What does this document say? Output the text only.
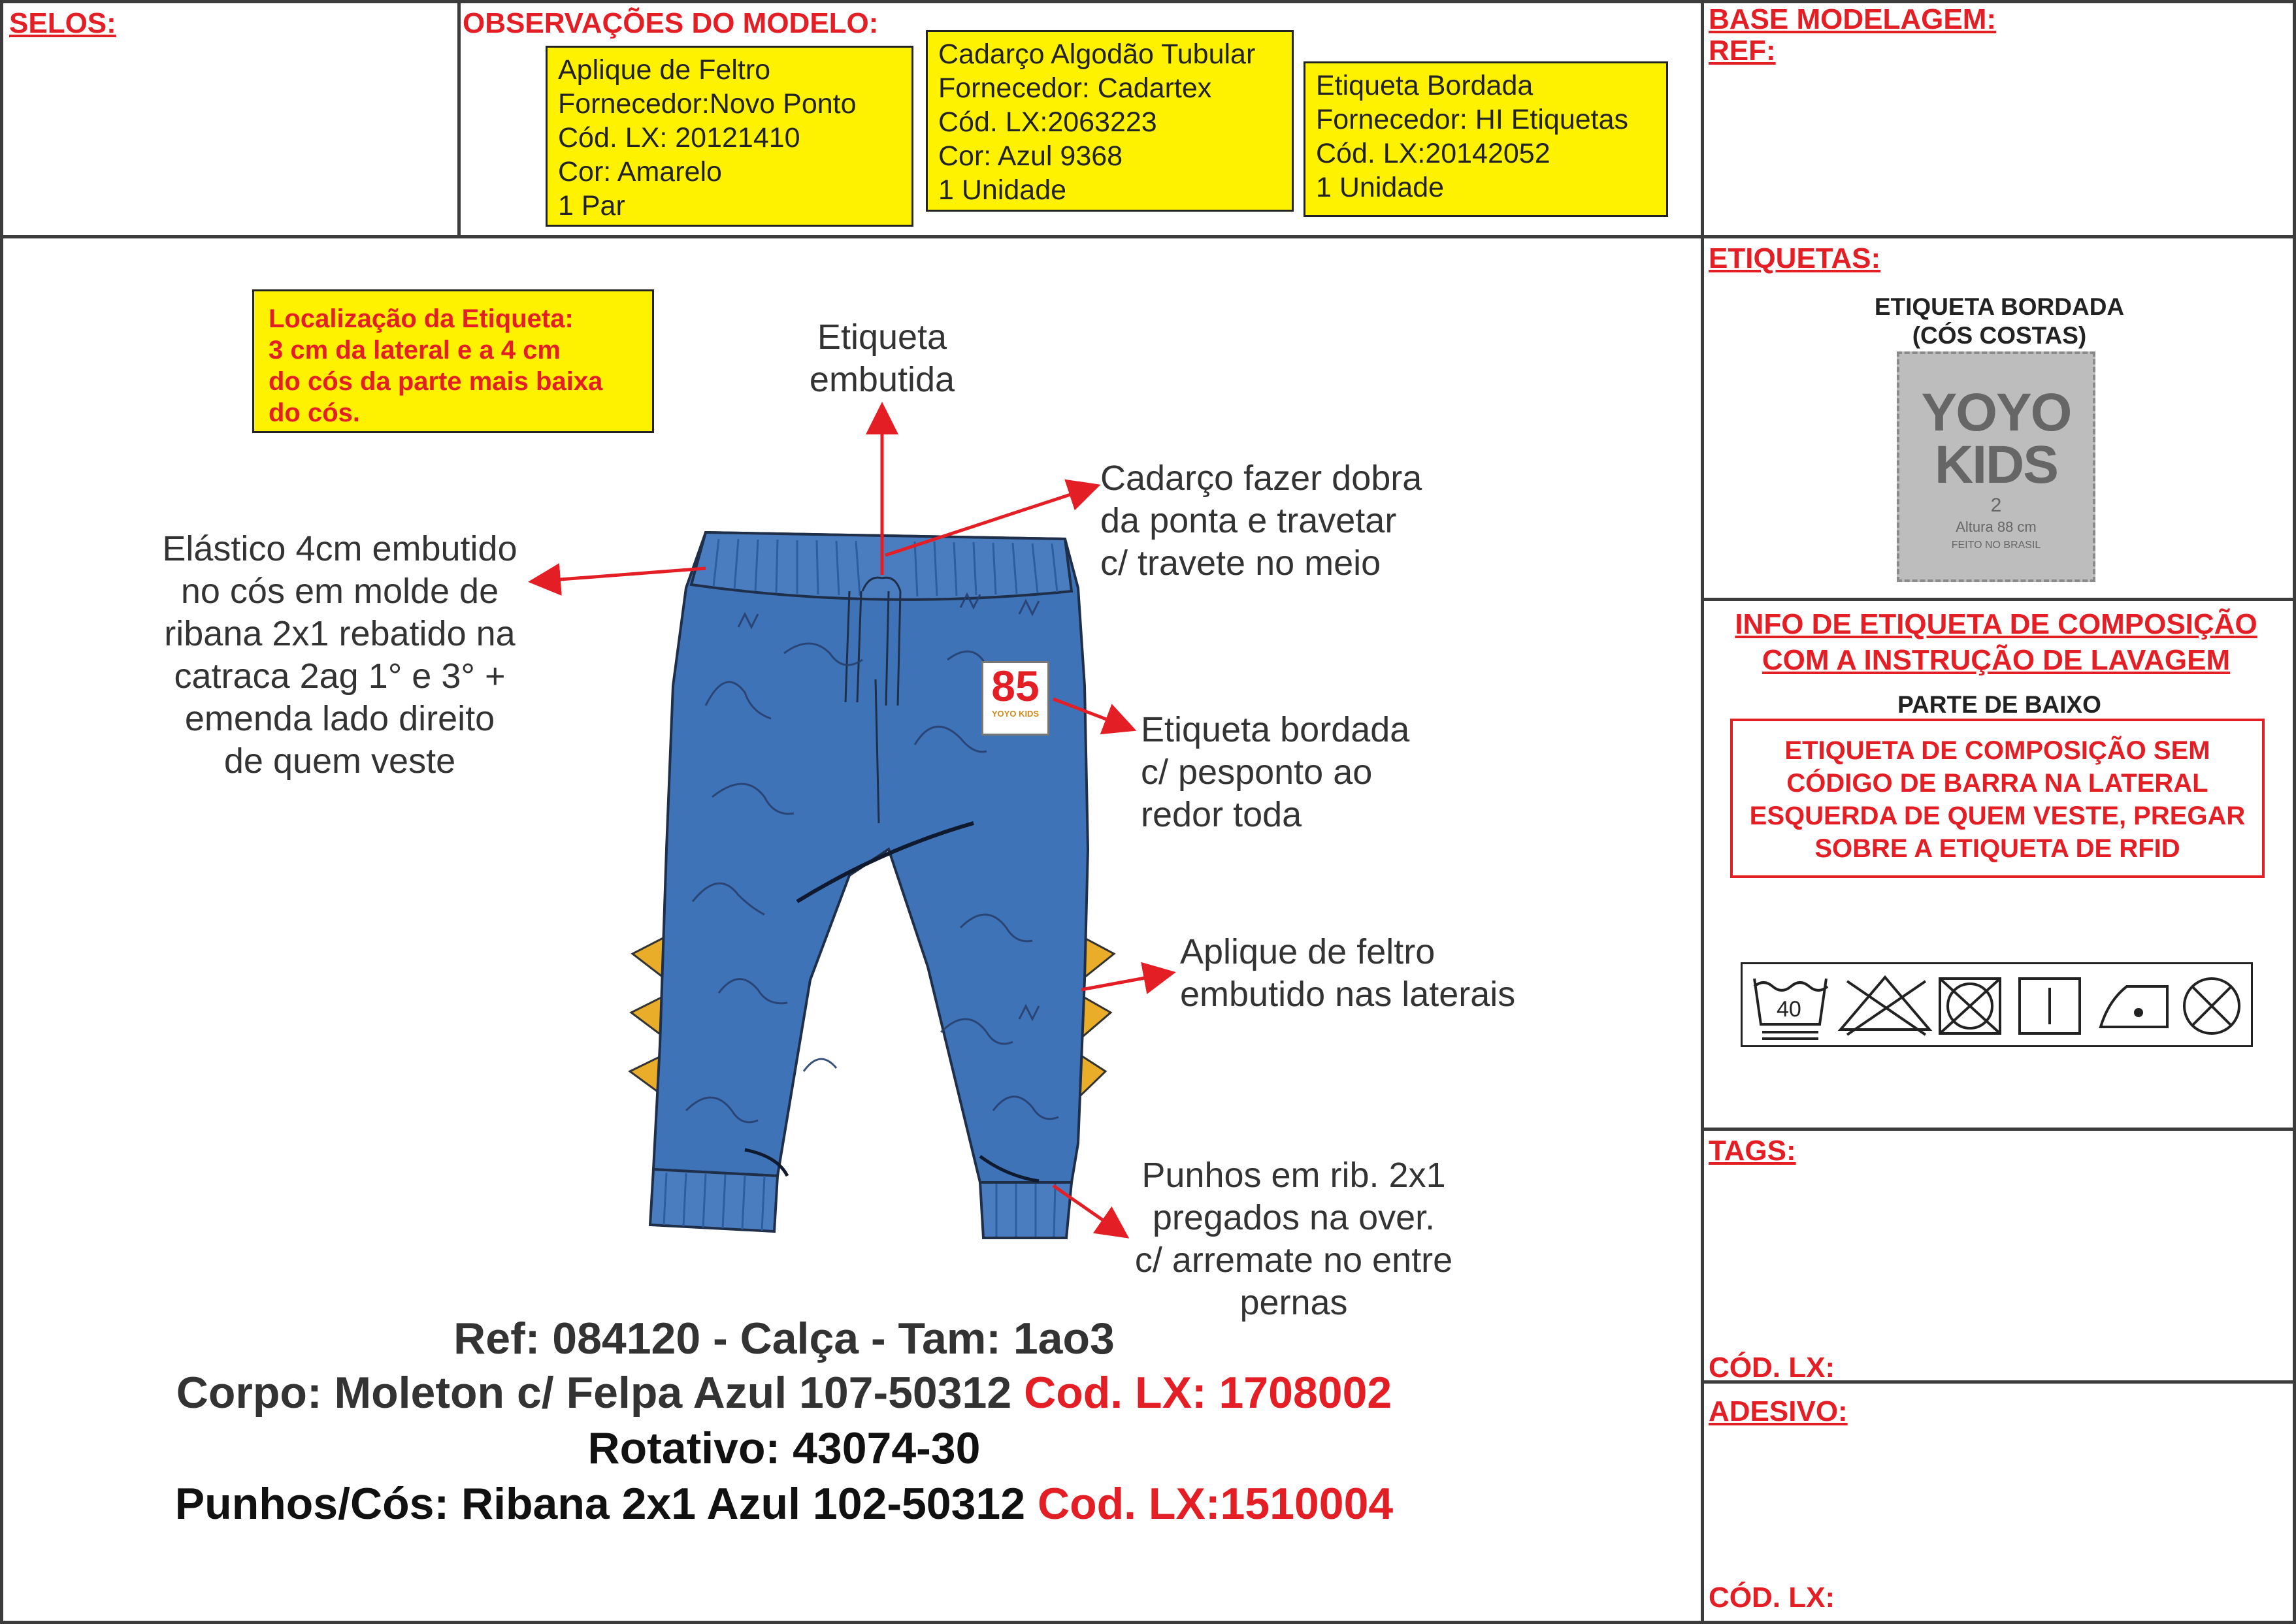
SELOS:	OBSERVAÇÕES DO MODELO:	BASE MODELAGEM:
REF:
ETIQUETAS:
INFO DE ETIQUETA DE COMPOSIÇÃO
COM A INSTRUÇÃO DE LAVAGEM
TAGS:
CÓD. LX:
ADESIVO:
CÓD. LX:
Aplique de Feltro
Fornecedor:Novo Ponto
Cód. LX: 20121410
Cor: Amarelo
1 Par
Cadarço Algodão Tubular
Fornecedor: Cadartex
Cód. LX:2063223
Cor: Azul 9368
1 Unidade
Etiqueta Bordada
Fornecedor: HI Etiquetas
Cód. LX:20142052
1 Unidade
Localização da Etiqueta:
3 cm da lateral e a 4 cm
do cós da parte mais baixa
do cós.
Etiqueta
embutida
Cadarço fazer dobra
da ponta e travetar
c/ travete no meio
Elástico 4cm embutido
no cós em molde de
ribana 2x1 rebatido na
catraca 2ag 1° e 3° +
emenda lado direito
de quem veste
Etiqueta bordada
c/ pesponto ao
redor toda
Aplique de feltro
embutido nas laterais
Punhos em rib. 2x1
pregados na over.
c/ arremate no entre
pernas
85
YOYO KIDS
Ref: 084120 - Calça - Tam: 1ao3
Corpo: Moleton c/ Felpa Azul 107-50312 Cod. LX: 1708002
Rotativo: 43074-30
Punhos/Cós: Ribana 2x1 Azul 102-50312 Cod. LX:1510004
ETIQUETA BORDADA
(CÓS COSTAS)
YOYO
KIDS
2
Altura 88 cm
FEITO NO BRASIL
PARTE DE BAIXO
ETIQUETA DE COMPOSIÇÃO SEM
CÓDIGO DE BARRA NA LATERAL
ESQUERDA DE QUEM VESTE, PREGAR
SOBRE A ETIQUETA DE RFID
40
